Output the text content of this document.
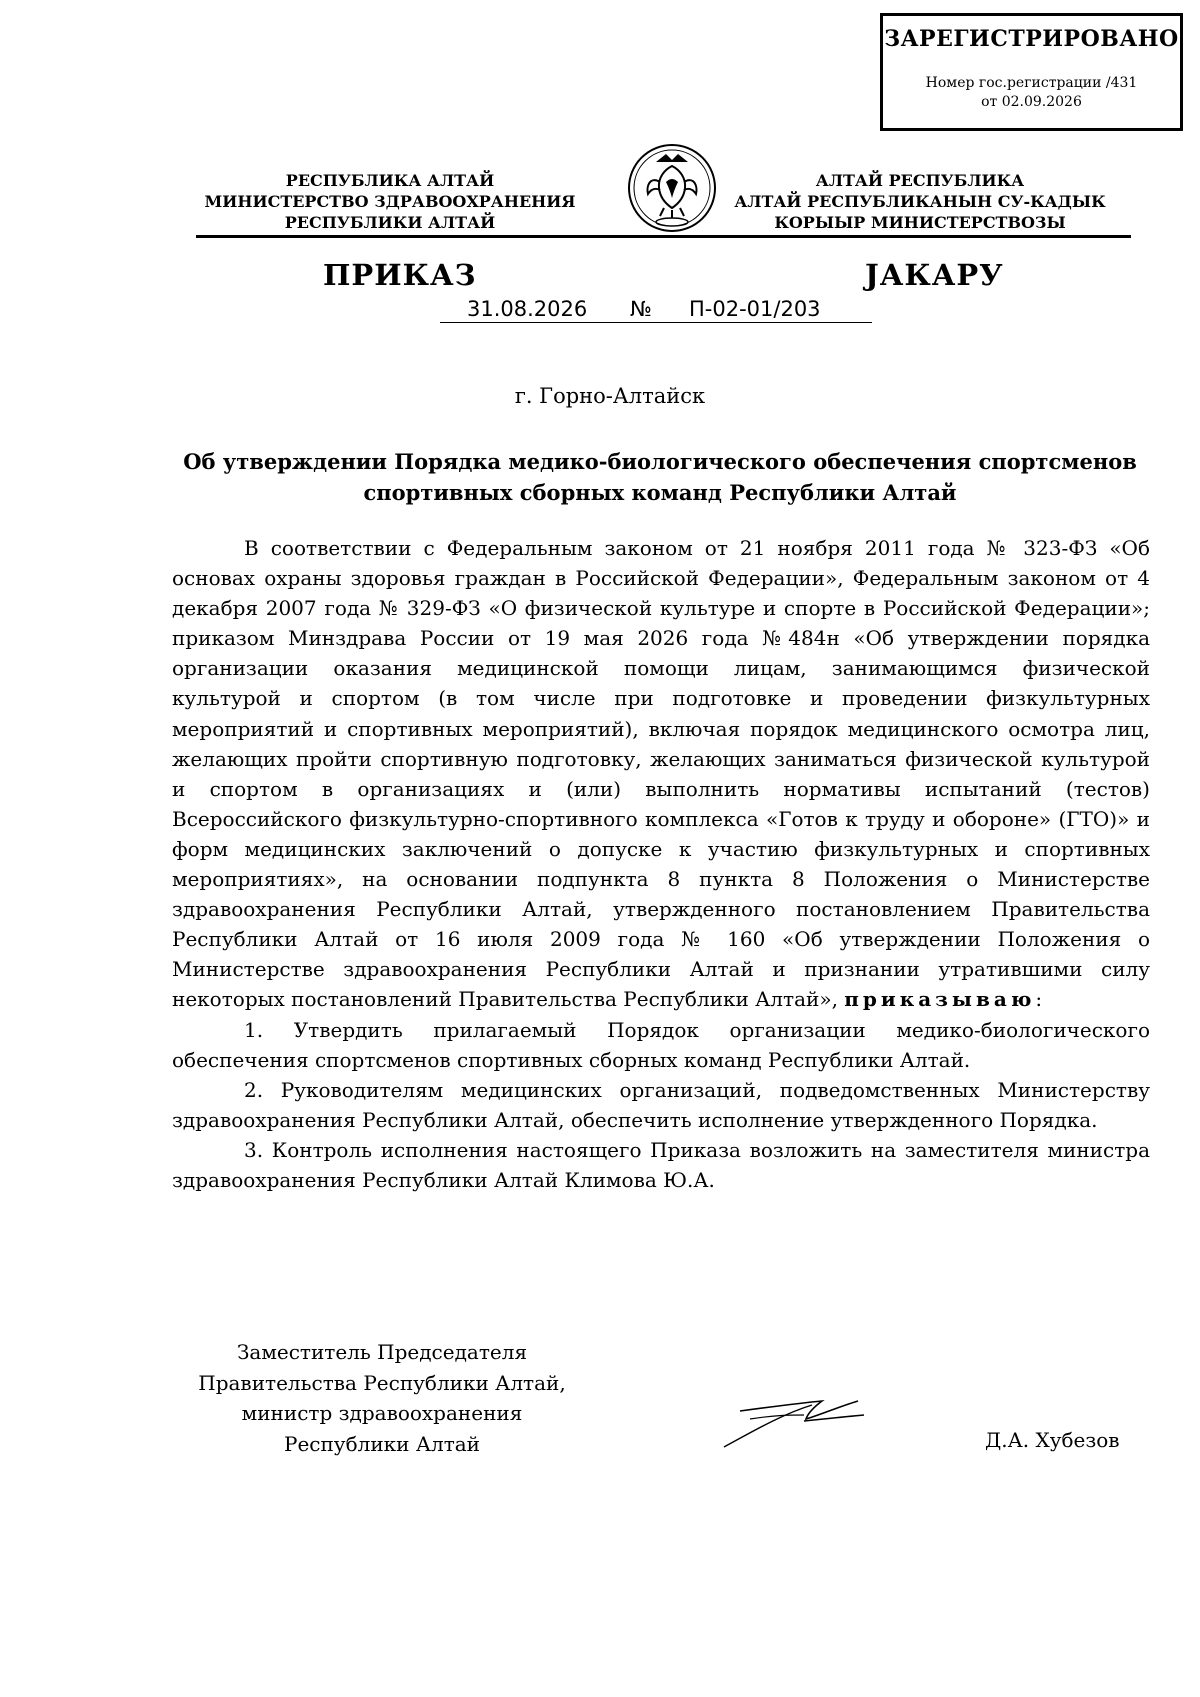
ЗАРЕГИСТРИРОВАНО
Номер гос.регистрации /431
от 02.09.2026
РЕСПУБЛИКА АЛТАЙ
МИНИСТЕРСТВО ЗДРАВООХРАНЕНИЯ
РЕСПУБЛИКИ АЛТАЙ
АЛТАЙ РЕСПУБЛИКА
АЛТАЙ РЕСПУБЛИКАНЫН СУ-КАДЫК
КОРЫЫР МИНИСТЕРСТВОЗЫ
ПРИКАЗ	ЈАКАРУ
31.08.2026 № П-02-01/203
г. Горно-Алтайск
Об утверждении Порядка медико-биологического обеспечения спортсменов спортивных сборных команд Республики Алтай

В соответствии с Федеральным законом от 21 ноября 2011 года № 323-ФЗ «Об основах охраны здоровья граждан в Российской Федерации», Федеральным законом от 4 декабря 2007 года № 329-ФЗ «О физической культуре и спорте в Российской Федерации»; приказом Минздрава России от 19 мая 2026 года №484н «Об утверждении порядка организации оказания медицинской помощи лицам, занимающимся физической культурой и спортом (в том числе при подготовке и проведении физкультурных мероприятий и спортивных мероприятий), включая порядок медицинского осмотра лиц, желающих пройти спортивную подготовку, желающих заниматься физической культурой и спортом в организациях и (или) выполнить нормативы испытаний (тестов) Всероссийского физкультурно-спортивного комплекса «Готов к труду и обороне» (ГТО)» и форм медицинских заключений о допуске к участию физкультурных и спортивных мероприятиях», на основании подпункта 8 пункта 8 Положения о Министерстве здравоохранения Республики Алтай, утвержденного постановлением Правительства Республики Алтай от 16 июля 2009 года № 160 «Об утверждении Положения о Министерстве здравоохранения Республики Алтай и признании утратившими силу некоторых постановлений Правительства Республики Алтай», приказываю:

1. Утвердить прилагаемый Порядок организации медико-биологического обеспечения спортсменов спортивных сборных команд Республики Алтай.

2. Руководителям медицинских организаций, подведомственных Министерству здравоохранения Республики Алтай, обеспечить исполнение утвержденного Порядка.

3. Контроль исполнения настоящего Приказа возложить на заместителя министра здравоохранения Республики Алтай Климова Ю.А.

Заместитель Председателя
Правительства Республики Алтай,
министр здравоохранения
Республики Алтай	Д.А. Хубезов
